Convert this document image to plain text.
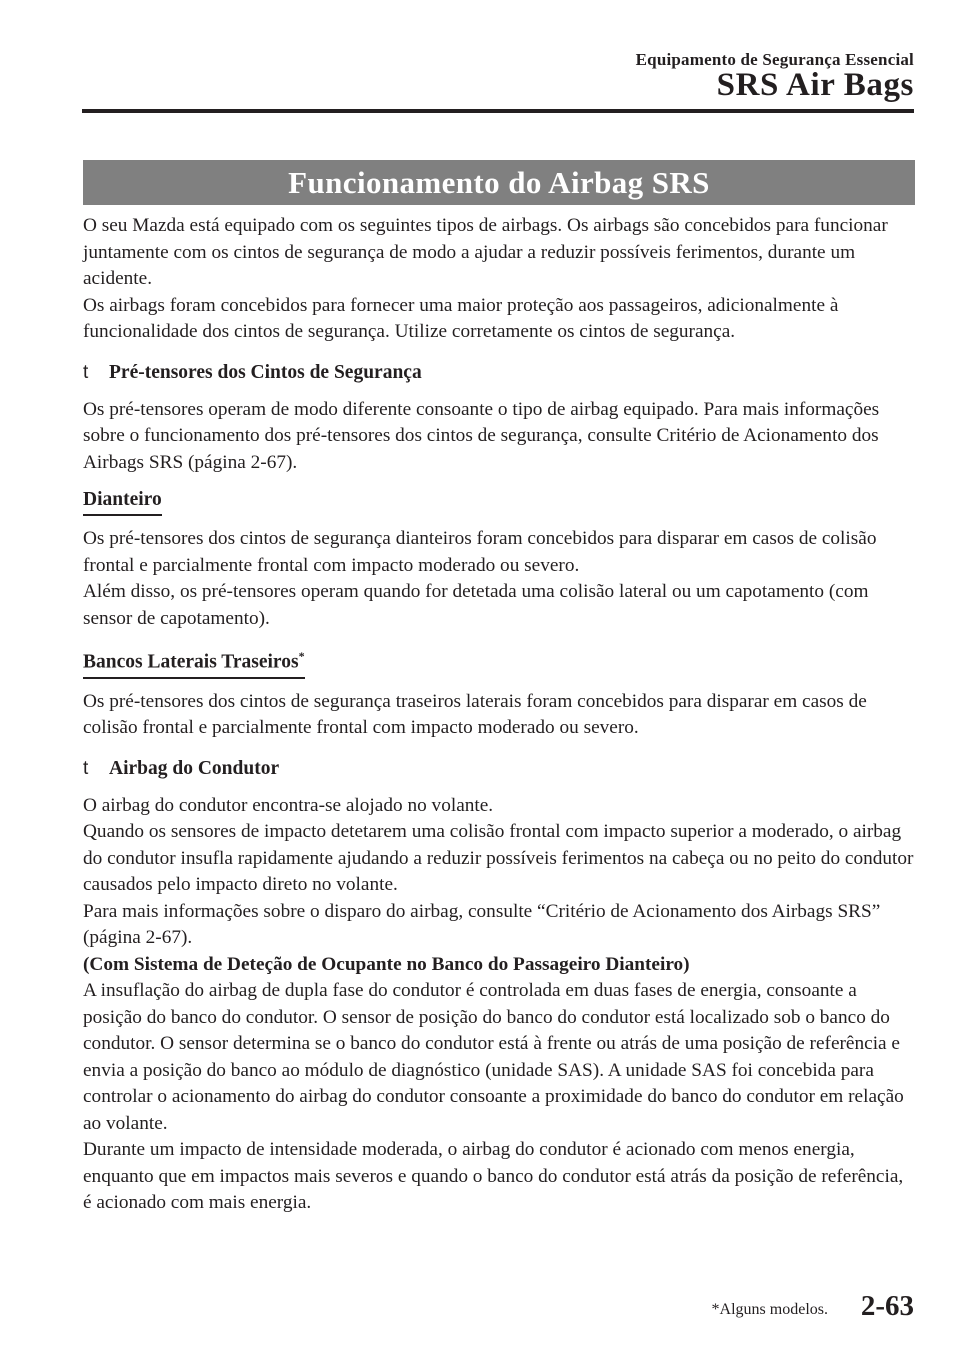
Equipamento de Segurança Essencial
SRS Air Bags
Funcionamento do Airbag SRS

O seu Mazda está equipado com os seguintes tipos de airbags. Os airbags são concebidos para funcionar juntamente com os cintos de segurança de modo a ajudar a reduzir possíveis ferimentos, durante um acidente.

Os airbags foram concebidos para fornecer uma maior proteção aos passageiros, adicionalmente à funcionalidade dos cintos de segurança. Utilize corretamente os cintos de segurança.

t	Pré-tensores dos Cintos de Segurança

Os pré-tensores operam de modo diferente consoante o tipo de airbag equipado. Para mais informações sobre o funcionamento dos pré-tensores dos cintos de segurança, consulte Critério de Acionamento dos Airbags SRS (página 2-67).

Dianteiro

Os pré-tensores dos cintos de segurança dianteiros foram concebidos para disparar em casos de colisão frontal e parcialmente frontal com impacto moderado ou severo.

Além disso, os pré-tensores operam quando for detetada uma colisão lateral ou um capotamento (com sensor de capotamento).

Bancos Laterais Traseiros*

Os pré-tensores dos cintos de segurança traseiros laterais foram concebidos para disparar em casos de colisão frontal e parcialmente frontal com impacto moderado ou severo.

t	Airbag do Condutor

O airbag do condutor encontra-se alojado no volante.

Quando os sensores de impacto detetarem uma colisão frontal com impacto superior a moderado, o airbag do condutor insufla rapidamente ajudando a reduzir possíveis ferimentos na cabeça ou no peito do condutor causados pelo impacto direto no volante.

Para mais informações sobre o disparo do airbag, consulte “Critério de Acionamento dos Airbags SRS” (página 2-67).

(Com Sistema de Deteção de Ocupante no Banco do Passageiro Dianteiro)

A insuflação do airbag de dupla fase do condutor é controlada em duas fases de energia, consoante a posição do banco do condutor. O sensor de posição do banco do condutor está localizado sob o banco do condutor. O sensor determina se o banco do condutor está à frente ou atrás de uma posição de referência e envia a posição do banco ao módulo de diagnóstico (unidade SAS). A unidade SAS foi concebida para controlar o acionamento do airbag do condutor consoante a proximidade do banco do condutor em relação ao volante.

Durante um impacto de intensidade moderada, o airbag do condutor é acionado com menos energia, enquanto que em impactos mais severos e quando o banco do condutor está atrás da posição de referência, é acionado com mais energia.

*Alguns modelos. 2-63
